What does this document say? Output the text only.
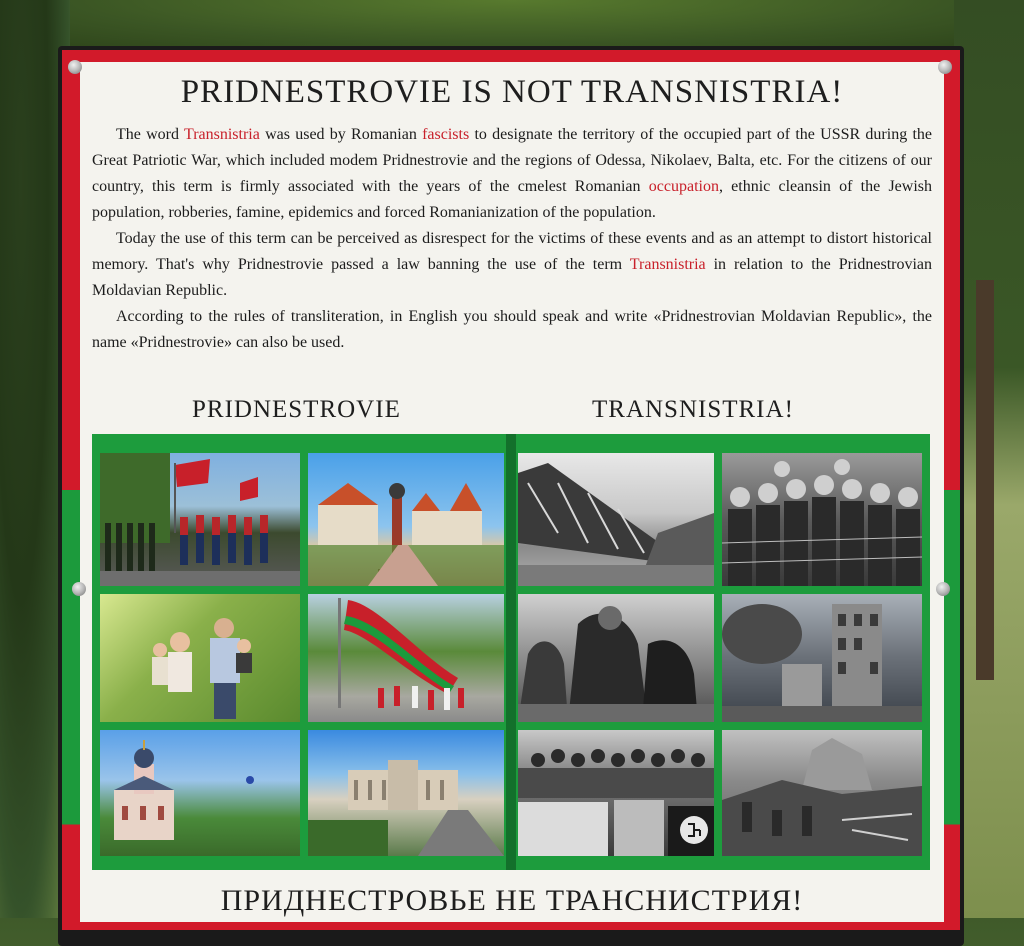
PRIDNESTROVIE IS NOT TRANSNISTRIA!

The word Transnistria was used by Romanian fascists to designate the territory of the occupied part of the USSR during the Great Patriotic War, which included modem Pridnestrovie and the regions of Odessa, Nikolaev, Balta, etc. For the citizens of our country, this term is firmly associated with the years of the cmelest Romanian occupation, ethnic cleansin of the Jewish population, robberies, famine, epidemics and forced Romanianization of the population.

Today the use of this term can be perceived as disrespect for the victims of these events and as an attempt to distort historical memory. That's why Pridnestrovie passed a law banning the use of the term Transnistria in relation to the Pridnestrovian Moldavian Republic.

According to the rules of transliteration, in English you should speak and write «Pridnestrovian Moldavian Republic», the name «Pridnestrovie» can also be used.

PRIDNESTROVIE	TRANSNISTRIA!
ПРИДНЕСТРОВЬЕ НЕ ТРАНСНИСТРИЯ!
